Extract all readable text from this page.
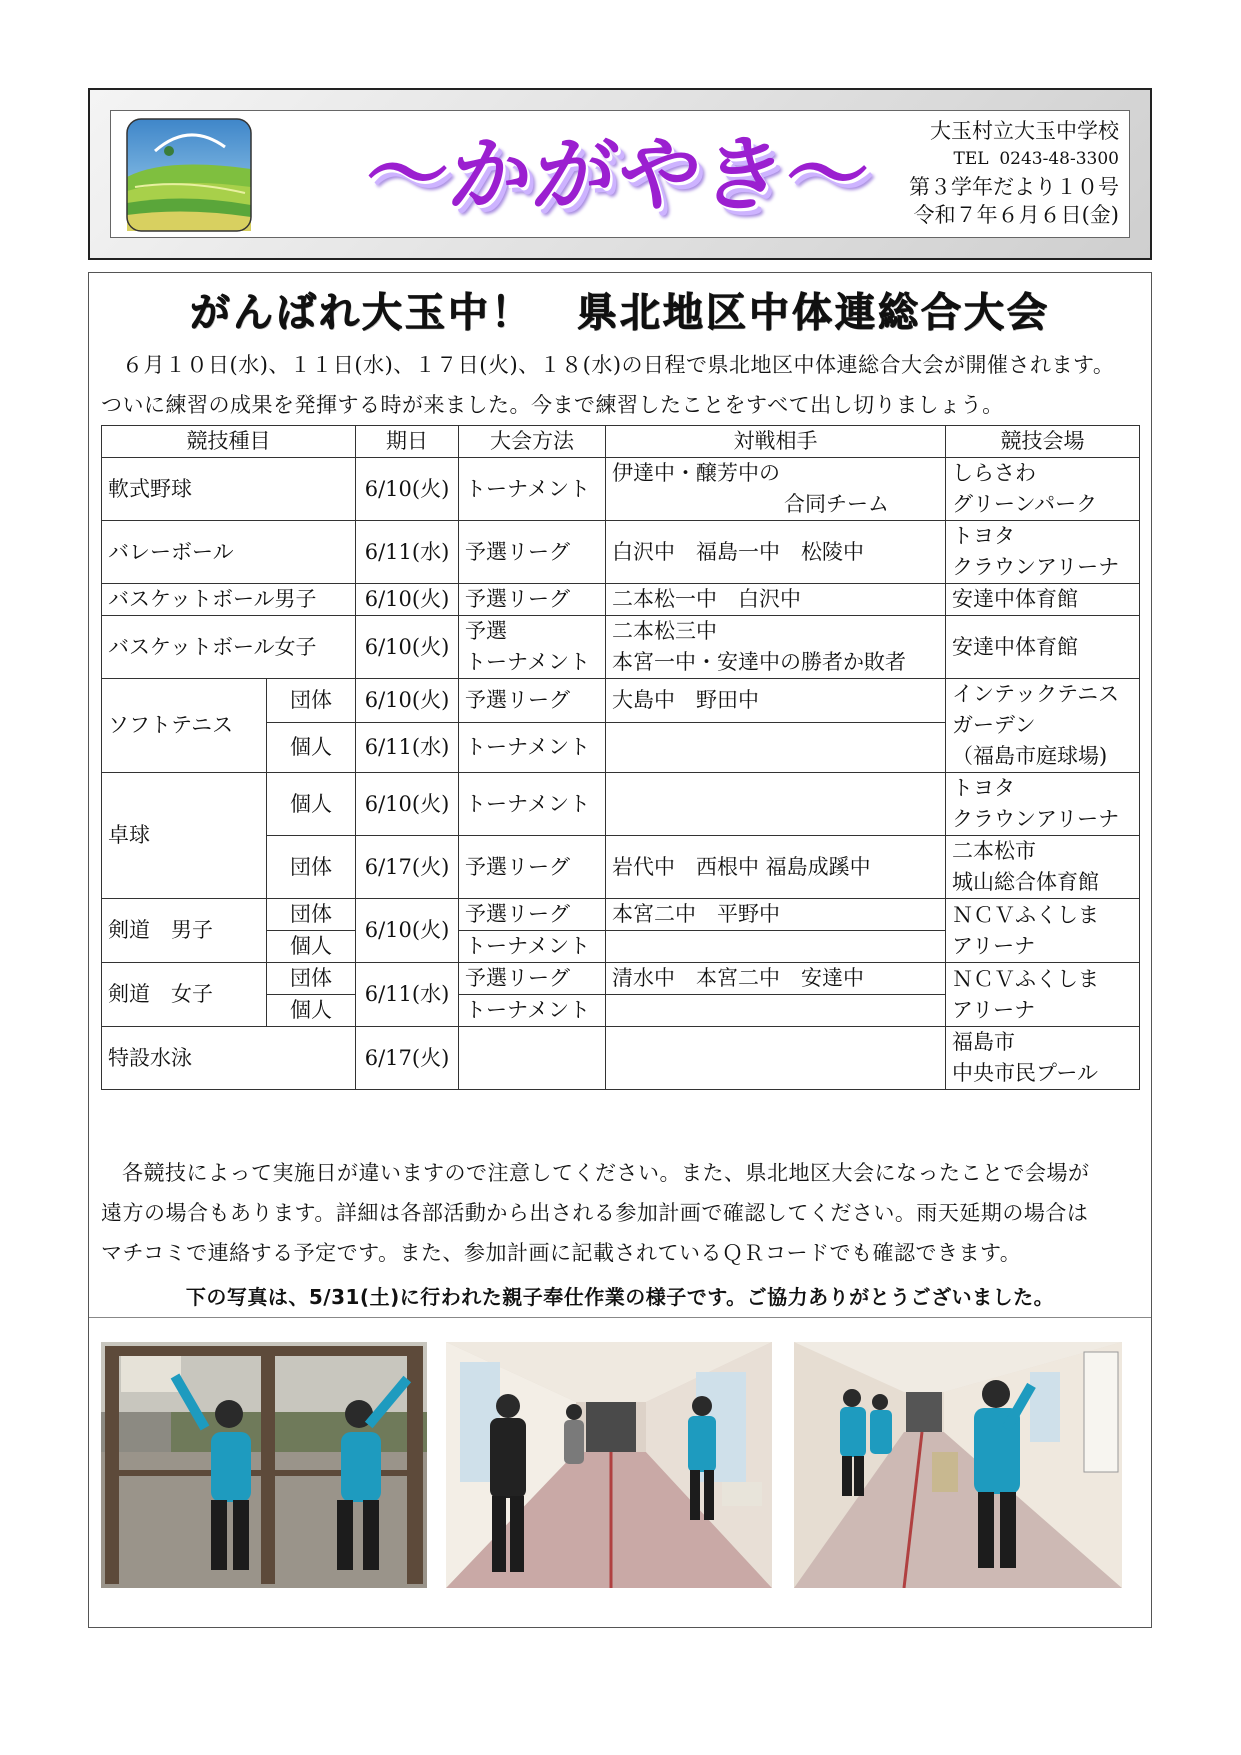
〜かがやき〜	大玉村立大玉中学校
TEL 0243-48-3300
第３学年だより１０号
令和７年６月６日(金)
がんばれ大玉中！　県北地区中体連総合大会

６月１０日(水)、１１日(水)、１７日(火)、１８(水)の日程で県北地区中体連総合大会が開催されます。

ついに練習の成果を発揮する時が来ました。今まで練習したことをすべて出し切りましょう。
競技種目		期日	大会方法	対戦相手	競技会場
軟式野球		6/10(火)	トーナメント	伊達中・醸芳中の
合同チーム	しらさわ
グリーンパーク

バレーボール		6/11(水)	予選リーグ	白沢中　福島一中　松陵中	トヨタ
クラウンアリーナ

バスケットボール男子		6/10(火)	予選リーグ	二本松一中　白沢中	安達中体育館
バスケットボール女子		6/10(火)	予選
トーナメント	二本松三中
本宮一中・安達中の勝者か敗者	安達中体育館
ソフトテニス	団体	6/10(火)	予選リーグ	大島中　野田中	インテックテニス
ガーデン
（福島市庭球場)

	個人	6/11(水)	トーナメント		
卓球	個人	6/10(火)	トーナメント		トヨタ
クラウンアリーナ

	団体	6/17(火)	予選リーグ	岩代中　西根中 福島成蹊中	二本松市
城山総合体育館

剣道　男子	団体	6/10(火)	予選リーグ	本宮二中　平野中	ＮＣＶふくしま
アリーナ

	個人		トーナメント		
剣道　女子	団体	6/11(水)	予選リーグ	清水中　本宮二中　安達中	ＮＣＶふくしま
アリーナ

	個人		トーナメント		
特設水泳		6/17(火)			福島市
中央市民プール

各競技によって実施日が違いますので注意してください。また、県北地区大会になったことで会場が

遠方の場合もあります。詳細は各部活動から出される参加計画で確認してください。雨天延期の場合は
マチコミで連絡する予定です。また、参加計画に記載されているＱＲコードでも確認できます。
下の写真は、5/31(土)に行われた親子奉仕作業の様子です。ご協力ありがとうございました。
